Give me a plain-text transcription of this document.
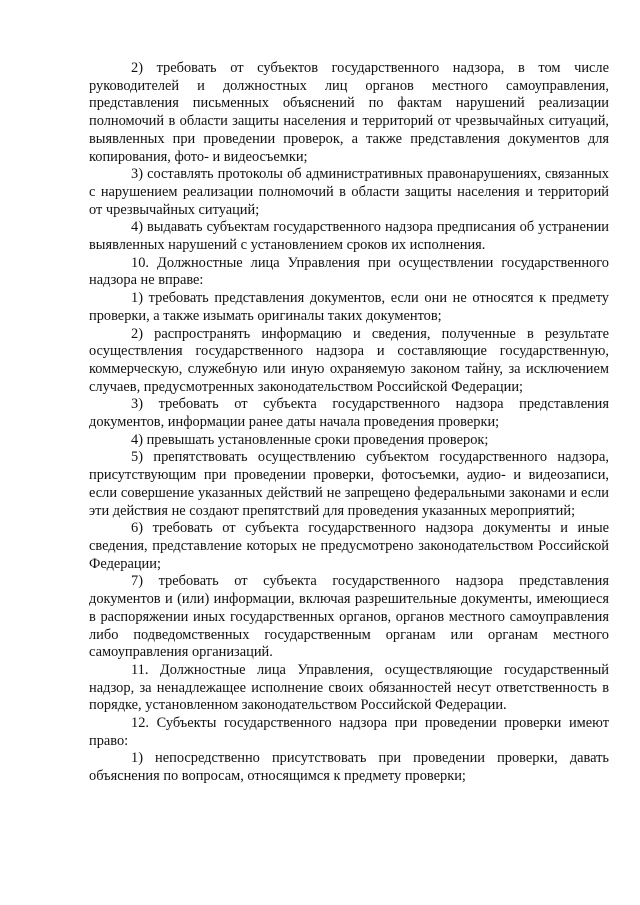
2) требовать от субъектов государственного надзора, в том числе руководителей и должностных лиц органов местного самоуправления, представления письменных объяснений по фактам нарушений реализации полномочий в области защиты населения и территорий от чрезвычайных ситуаций, выявленных при проведении проверок, а также представления документов для копирования, фото- и видеосъемки;

3) составлять протоколы об административных правонарушениях, связанных с нарушением реализации полномочий в области защиты населения и территорий от чрезвычайных ситуаций;

4) выдавать субъектам государственного надзора предписания об устранении выявленных нарушений с установлением сроков их исполнения.

10. Должностные лица Управления при осуществлении государственного надзора не вправе:

1) требовать представления документов, если они не относятся к предмету проверки, а также изымать оригиналы таких документов;

2) распространять информацию и сведения, полученные в результате осуществления государственного надзора и составляющие государственную, коммерческую, служебную или иную охраняемую законом тайну, за исключением случаев, предусмотренных законодательством Российской Федерации;

3) требовать от субъекта государственного надзора представления документов, информации ранее даты начала проведения проверки;

4) превышать установленные сроки проведения проверок;

5) препятствовать осуществлению субъектом государственного надзора, присутствующим при проведении проверки, фотосъемки, аудио- и видеозаписи, если совершение указанных действий не запрещено федеральными законами и если эти действия не создают препятствий для проведения указанных мероприятий;

6) требовать от субъекта государственного надзора документы и иные сведения, представление которых не предусмотрено законодательством Российской Федерации;

7) требовать от субъекта государственного надзора представления документов и (или) информации, включая разрешительные документы, имеющиеся в распоряжении иных государственных органов, органов местного самоуправления либо подведомственных государственным органам или органам местного самоуправления организаций.

11. Должностные лица Управления, осуществляющие государственный надзор, за ненадлежащее исполнение своих обязанностей несут ответственность в порядке, установленном законодательством Российской Федерации.

12. Субъекты государственного надзора при проведении проверки имеют право:

1) непосредственно присутствовать при проведении проверки, давать объяснения по вопросам, относящимся к предмету проверки;
